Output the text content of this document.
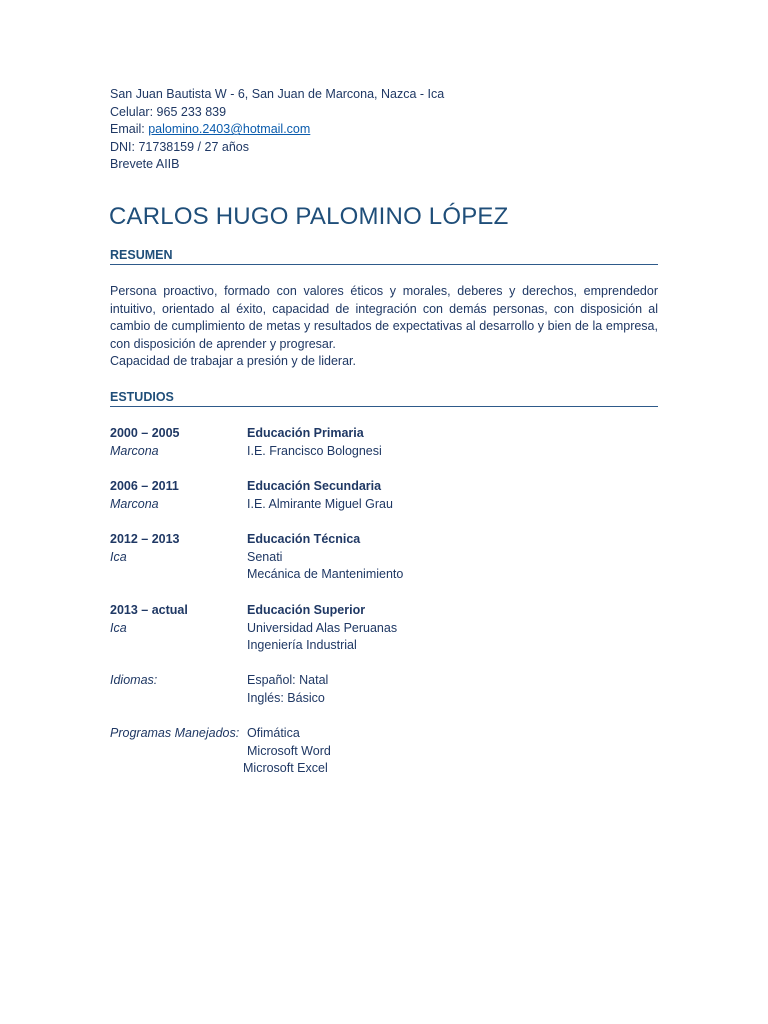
San Juan Bautista W - 6, San Juan de Marcona, Nazca - Ica
Celular: 965 233 839
Email: palomino.2403@hotmail.com
DNI: 71738159 / 27 años
Brevete AIIB
CARLOS HUGO PALOMINO LÓPEZ
RESUMEN

Persona proactivo, formado con valores éticos y morales, deberes y derechos, emprendedor intuitivo, orientado al éxito, capacidad de integración con demás personas, con disposición al cambio de cumplimiento de metas y resultados de expectativas al desarrollo y bien de la empresa, con disposición de aprender y progresar.

Capacidad de trabajar a presión y de liderar.

ESTUDIOS
2000 – 2005	Educación Primaria
Marcona	I.E. Francisco Bolognesi
2006 – 2011	Educación Secundaria
Marcona	I.E. Almirante Miguel Grau
2012 – 2013	Educación Técnica
Ica	Senati
Mecánica de Mantenimiento
2013 – actual	Educación Superior
Ica	Universidad Alas Peruanas
Ingeniería Industrial
Idiomas:	Español: Natal
Inglés: Básico
Programas Manejados: Ofimática
Microsoft Word
Microsoft Excel
